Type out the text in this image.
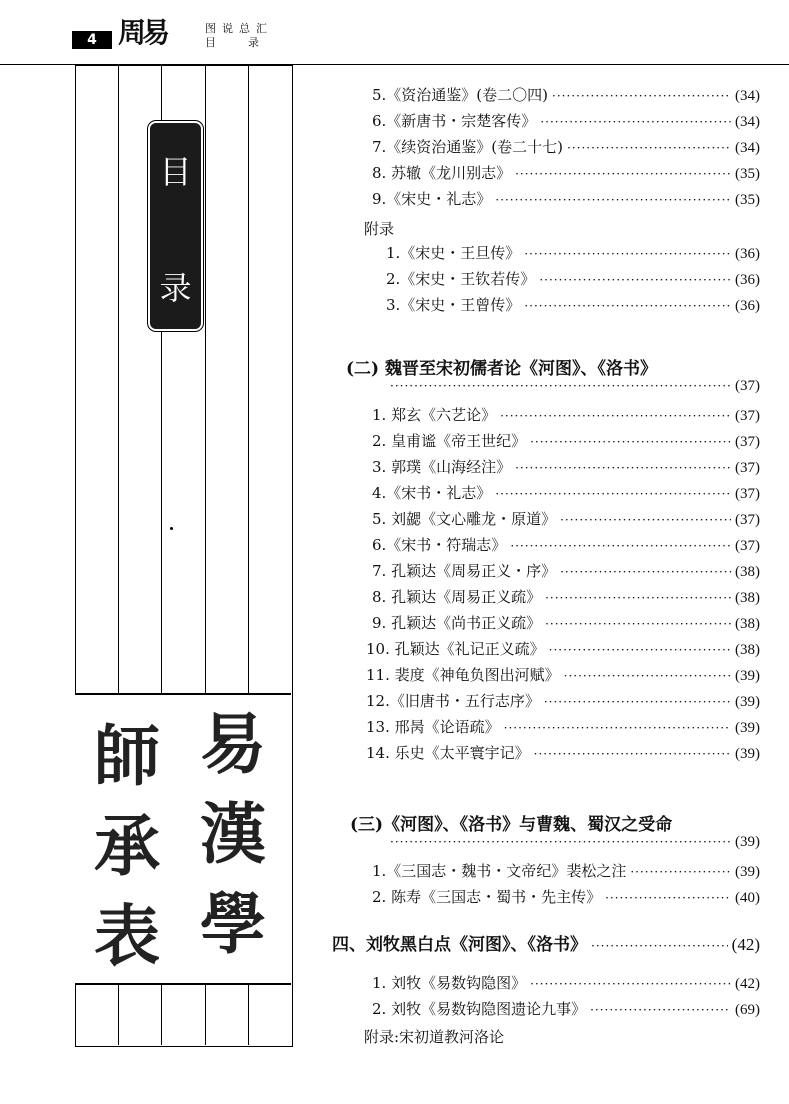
4 周易	图说总汇
目录
目
录
師
承
表
易
漢
學
5.《资治通鉴》(卷二〇四) ·····	(34)
6.《新唐书・宗楚客传》 ·····	(34)
7.《续资治通鉴》(卷二十七) ·····	(34)
8. 苏辙《龙川别志》 ·····	(35)
9.《宋史・礼志》 ·····	(35)
附录
1.《宋史・王旦传》 ·····	(36)
2.《宋史・王钦若传》 ·····	(36)
3.《宋史・王曾传》 ·····	(36)
(二) 魏晋至宋初儒者论《河图》、《洛书》
·····
(37)
1. 郑玄《六艺论》 ·····	(37)
2. 皇甫谧《帝王世纪》 ·····	(37)
3. 郭璞《山海经注》 ·····	(37)
4.《宋书・礼志》 ·····	(37)
5. 刘勰《文心雕龙・原道》 ·····	(37)
6.《宋书・符瑞志》 ·····	(37)
7. 孔颖达《周易正义・序》 ·····	(38)
8. 孔颖达《周易正义疏》 ·····	(38)
9. 孔颖达《尚书正义疏》 ·····	(38)
10. 孔颖达《礼记正义疏》 ·····	(38)
11. 裴度《神龟负图出河赋》 ·····	(39)
12.《旧唐书・五行志序》 ·····	(39)
13. 邢昺《论语疏》 ·····	(39)
14. 乐史《太平寰宇记》 ·····	(39)
(三)《河图》、《洛书》与曹魏、蜀汉之受命
·····
(39)
1.《三国志・魏书・文帝纪》裴松之注 ·····	(39)
2. 陈寿《三国志・蜀书・先主传》 ·····	(40)
四、刘牧黑白点《河图》、《洛书》 ·····	(42)
1. 刘牧《易数钩隐图》 ·····	(42)
2. 刘牧《易数钩隐图遗论九事》 ·····	(69)
附录:宋初道教河洛论
